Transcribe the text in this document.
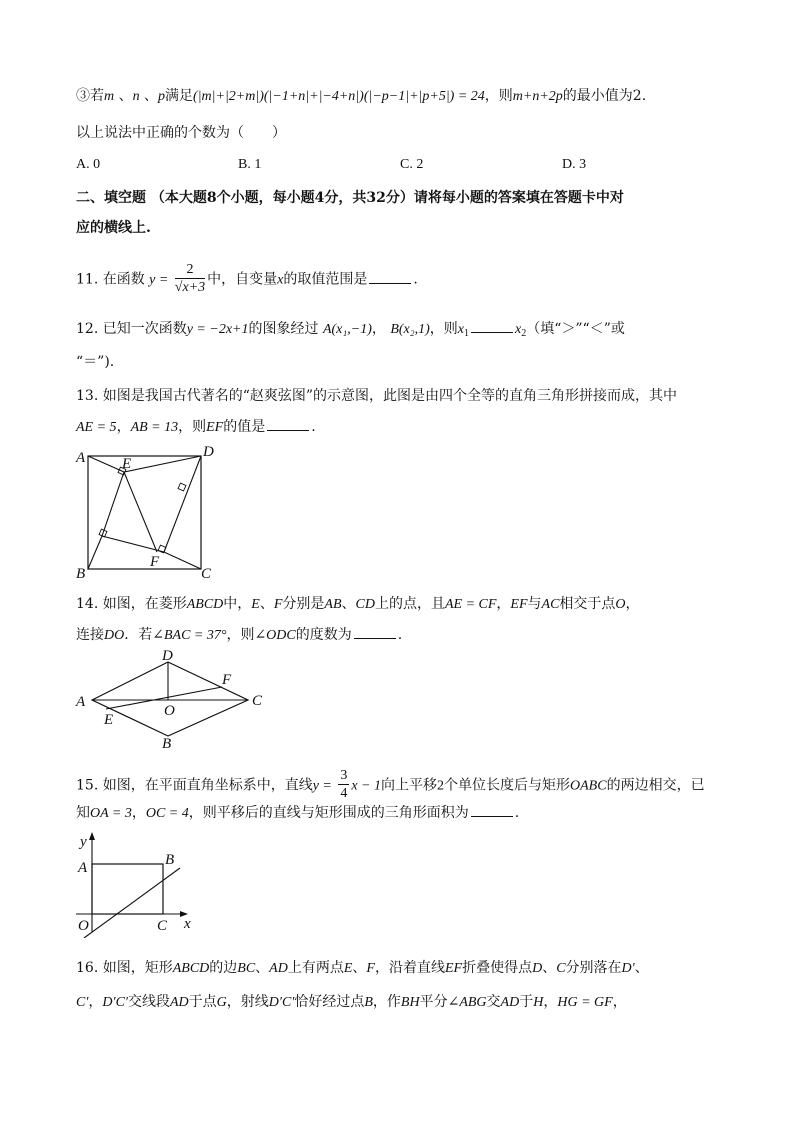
③若m 、n 、p满足(|m|+|2+m|)(|−1+n|+|−4+n|)(|−p−1|+|p+5|) = 24，则m+n+2p的最小值为2.
以上说法中正确的个数为（　　）
A. 0	B. 1	C. 2	D. 3
二、填空题 （本大题8个小题，每小题4分，共32分）请将每小题的答案填在答题卡中对
应的横线上.
11. 在函数 $y = \frac{2}{√x+3}$ 中，自变量x的取值范围是	.
12. 已知一次函数y = −2x+1的图象经过 A(x₁,−1)， B(x₂,1)，则$x_1$	$x_2$（填“＞”“＜”或
“＝”).
13. 如图是我国古代著名的“赵爽弦图”的示意图，此图是由四个全等的直角三角形拼接而成，其中
AE = 5，AB = 13，则EF的值是	.
A	D
E
B
F
C
14. 如图，在菱形ABCD中，E、F分别是AB、CD上的点，且AE = CF，EF与AC相交于点O，
连接DO．若∠BAC = 37°，则∠ODC的度数为	.
D
F
A
O
C
E
B
15. 如图，在平面直角坐标系中，直线$y = \frac{3}{4}$ x − 1向上平移2个单位长度后与矩形OABC的两边相交，已
知OA = 3，OC = 4，则平移后的直线与矩形围成的三角形面积为	.
y
A	B
O	C x
16. 如图，矩形ABCD的边BC、AD上有两点E、F，沿着直线EF折叠使得点D、C分别落在D′、
C′，D′C′交线段AD于点G，射线D′C′恰好经过点B，作BH平分∠ABG交AD于H，HG = GF，
